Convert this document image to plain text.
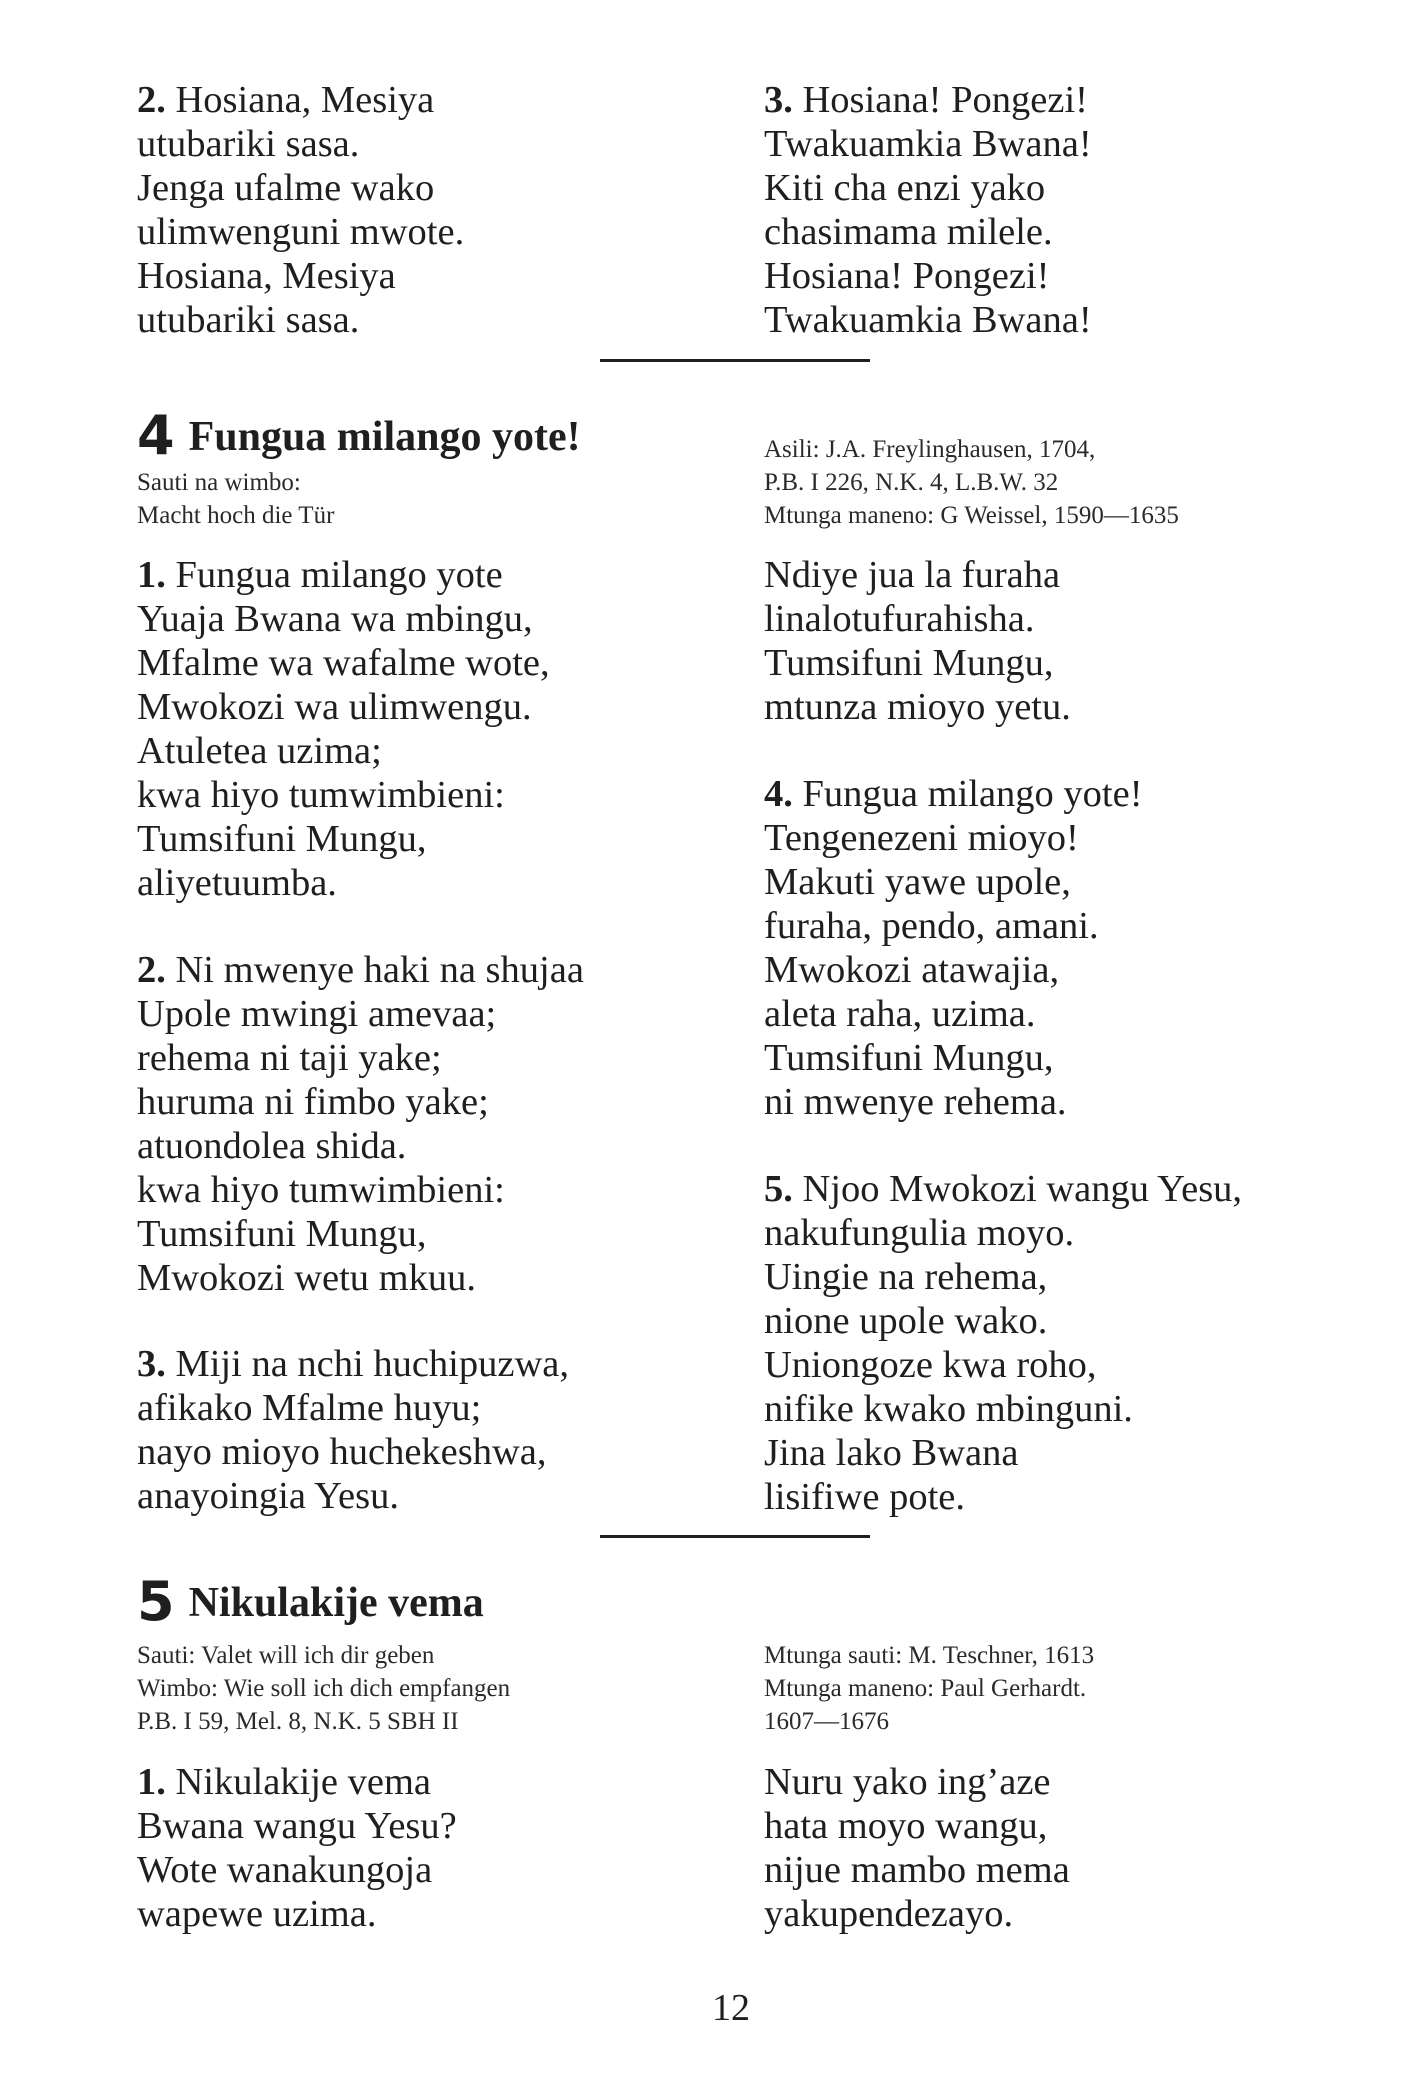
2. Hosiana, Mesiya
utubariki sasa.
Jenga ufalme wako
ulimwenguni mwote.
Hosiana, Mesiya
utubariki sasa.
3. Hosiana! Pongezi!
Twakuamkia Bwana!
Kiti cha enzi yako
chasimama milele.
Hosiana! Pongezi!
Twakuamkia Bwana!
4 Fungua milango yote!
Sauti na wimbo:
Macht hoch die Tür
Asili: J.A. Freylinghausen, 1704,
P.B. I 226, N.K. 4, L.B.W. 32
Mtunga maneno: G Weissel, 1590—1635
1. Fungua milango yote
Yuaja Bwana wa mbingu,
Mfalme wa wafalme wote,
Mwokozi wa ulimwengu.
Atuletea uzima;
kwa hiyo tumwimbieni:
Tumsifuni Mungu,
aliyetuumba.
2. Ni mwenye haki na shujaa
Upole mwingi amevaa;
rehema ni taji yake;
huruma ni fimbo yake;
atuondolea shida.
kwa hiyo tumwimbieni:
Tumsifuni Mungu,
Mwokozi wetu mkuu.
3. Miji na nchi huchipuzwa,
afikako Mfalme huyu;
nayo mioyo huchekeshwa,
anayoingia Yesu.
Ndiye jua la furaha
linalotufurahisha.
Tumsifuni Mungu,
mtunza mioyo yetu.
4. Fungua milango yote!
Tengenezeni mioyo!
Makuti yawe upole,
furaha, pendo, amani.
Mwokozi atawajia,
aleta raha, uzima.
Tumsifuni Mungu,
ni mwenye rehema.
5. Njoo Mwokozi wangu Yesu,
nakufungulia moyo.
Uingie na rehema,
nione upole wako.
Uniongoze kwa roho,
nifike kwako mbinguni.
Jina lako Bwana
lisifiwe pote.
5 Nikulakije vema
Sauti: Valet will ich dir geben
Wimbo: Wie soll ich dich empfangen
P.B. I 59, Mel. 8, N.K. 5 SBH II
Mtunga sauti: M. Teschner, 1613
Mtunga maneno: Paul Gerhardt.
1607—1676
1. Nikulakije vema
Bwana wangu Yesu?
Wote wanakungoja
wapewe uzima.
Nuru yako ing’aze
hata moyo wangu,
nijue mambo mema
yakupendezayo.
12
